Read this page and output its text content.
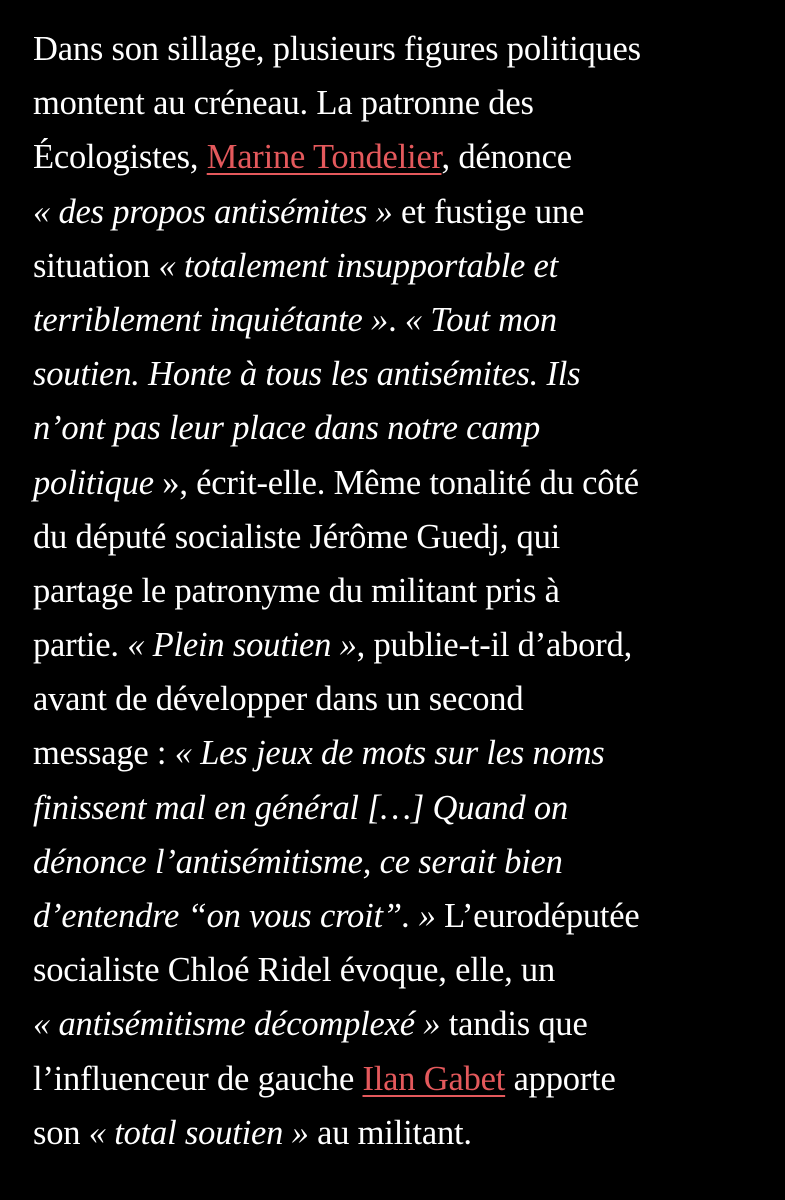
Dans son sillage, plusieurs figures politiques
montent au créneau. La patronne des
Écologistes, Marine Tondelier, dénonce
« des propos antisémites » et fustige une
situation « totalement insupportable et
terriblement inquiétante ». « Tout mon
soutien. Honte à tous les antisémites. Ils
n’ont pas leur place dans notre camp
politique », écrit-elle. Même tonalité du côté
du député socialiste Jérôme Guedj, qui
partage le patronyme du militant pris à
partie. « Plein soutien », publie-t-il d’abord,
avant de développer dans un second
message : « Les jeux de mots sur les noms
finissent mal en général […] Quand on
dénonce l’antisémitisme, ce serait bien
d’entendre “on vous croit”. » L’eurodéputée
socialiste Chloé Ridel évoque, elle, un
« antisémitisme décomplexé » tandis que
l’influenceur de gauche Ilan Gabet apporte
son « total soutien » au militant.
